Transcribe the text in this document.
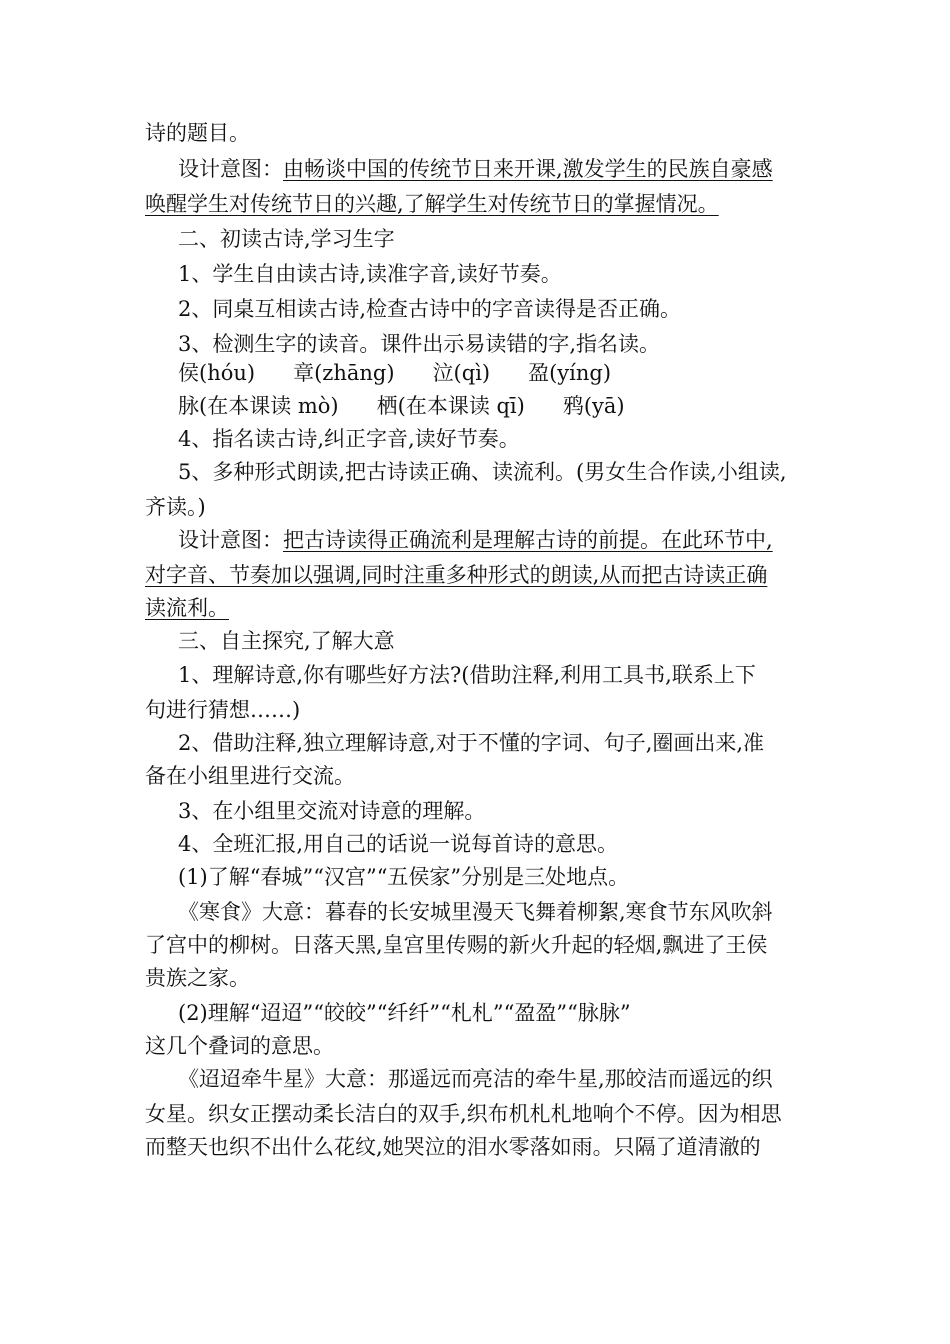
诗的题目。
设计意图：由畅谈中国的传统节日来开课,激发学生的民族自豪感
唤醒学生对传统节日的兴趣,了解学生对传统节日的掌握情况。
二、初读古诗,学习生字
1、学生自由读古诗,读准字音,读好节奏。
2、同桌互相读古诗,检查古诗中的字音读得是否正确。
3、检测生字的读音。课件出示易读错的字,指名读。
侯(hóu) 章(zhāng) 泣(qì) 盈(yíng)
脉(在本课读 mò) 栖(在本课读 qī) 鸦(yā)
4、指名读古诗,纠正字音,读好节奏。
5、多种形式朗读,把古诗读正确、读流利。(男女生合作读,小组读,
齐读。)
设计意图：把古诗读得正确流利是理解古诗的前提。在此环节中,
对字音、节奏加以强调,同时注重多种形式的朗读,从而把古诗读正确
读流利。
三、自主探究,了解大意
1、理解诗意,你有哪些好方法?(借助注释,利用工具书,联系上下
句进行猜想……)
2、借助注释,独立理解诗意,对于不懂的字词、句子,圈画出来,准
备在小组里进行交流。
3、在小组里交流对诗意的理解。
4、全班汇报,用自己的话说一说每首诗的意思。
(1)了解“春城”“汉宫”“五侯家”分别是三处地点。
《寒食》大意：暮春的长安城里漫天飞舞着柳絮,寒食节东风吹斜
了宫中的柳树。日落天黑,皇宫里传赐的新火升起的轻烟,飘进了王侯
贵族之家。
(2)理解“迢迢”“皎皎”“纤纤”“札札”“盈盈”“脉脉”
这几个叠词的意思。
《迢迢牵牛星》大意：那遥远而亮洁的牵牛星,那皎洁而遥远的织
女星。织女正摆动柔长洁白的双手,织布机札札地响个不停。因为相思
而整天也织不出什么花纹,她哭泣的泪水零落如雨。只隔了道清澈的
